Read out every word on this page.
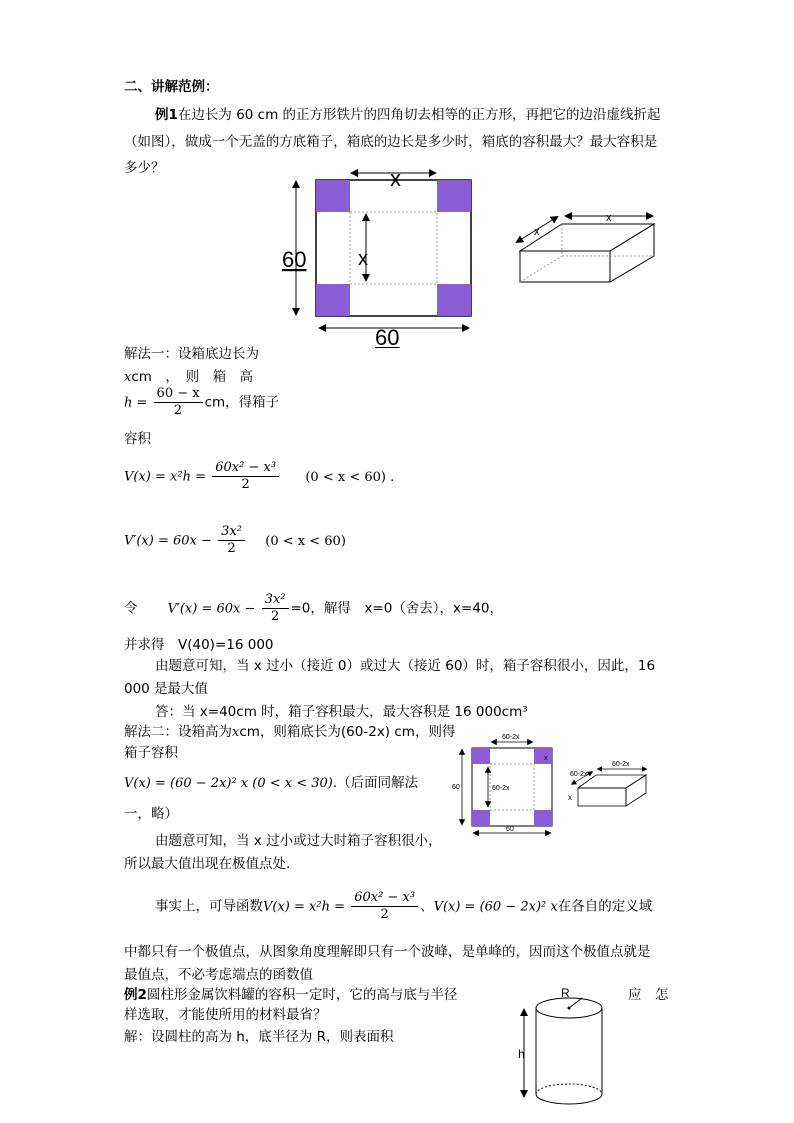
二、讲解范例：
例1在边长为 60 cm 的正方形铁片的四角切去相等的正方形，再把它的边沿虚线折起
（如图），做成一个无盖的方底箱子，箱底的边长是多少时，箱底的容积最大？最大容积是
多少？	x
x
60
60
x
x
解法一：设箱底边长为
xcm　，　则　箱　高
$h = \frac{60 - x}{2}$ cm，得箱子
容积
$V(x) = x^2h = \frac{\text{60x² − x³}}{2} (0 < x < 60)$ .
$V'(x) = 60x - \frac{\text{3x²}}{2} (0 < x < 60)$
令 $V'(x) = 60x - \frac{\text{3x²}}{2} =0$，解得　x=0（舍去），x=40，
并求得　V(40)=16 000
由题意可知，当 x 过小（接近 0）或过大（接近 60）时，箱子容积很小，因此，16
000 是最大值
答：当 x=40cm 时，箱子容积最大，最大容积是 16 000cm³
解法二：设箱高为xcm，则箱底长为(60-2x) cm，则得
箱子容积
V(x) = (60 − 2x)² x (0 < x < 30).（后面同解法
一，略）
由题意可知，当 x 过小或过大时箱子容积很小，
所以最大值出现在极值点处.
60-2x
60-2x
60
60
x
60-2x
60-2x
x
事实上，可导函数$V(x) = x^2h = \frac{\text{60x² − x³}}{2}$ 、V(x) = (60 − 2x)² x在各自的定义域
中都只有一个极值点，从图象角度理解即只有一个波峰，是单峰的，因而这个极值点就是
最值点，不必考虑端点的函数值
例2圆柱形金属饮料罐的容积一定时，它的高与底与半径	应　怎
样选取，才能使所用的材料最省？
解：设圆柱的高为 h，底半径为 R，则表面积
R
h
